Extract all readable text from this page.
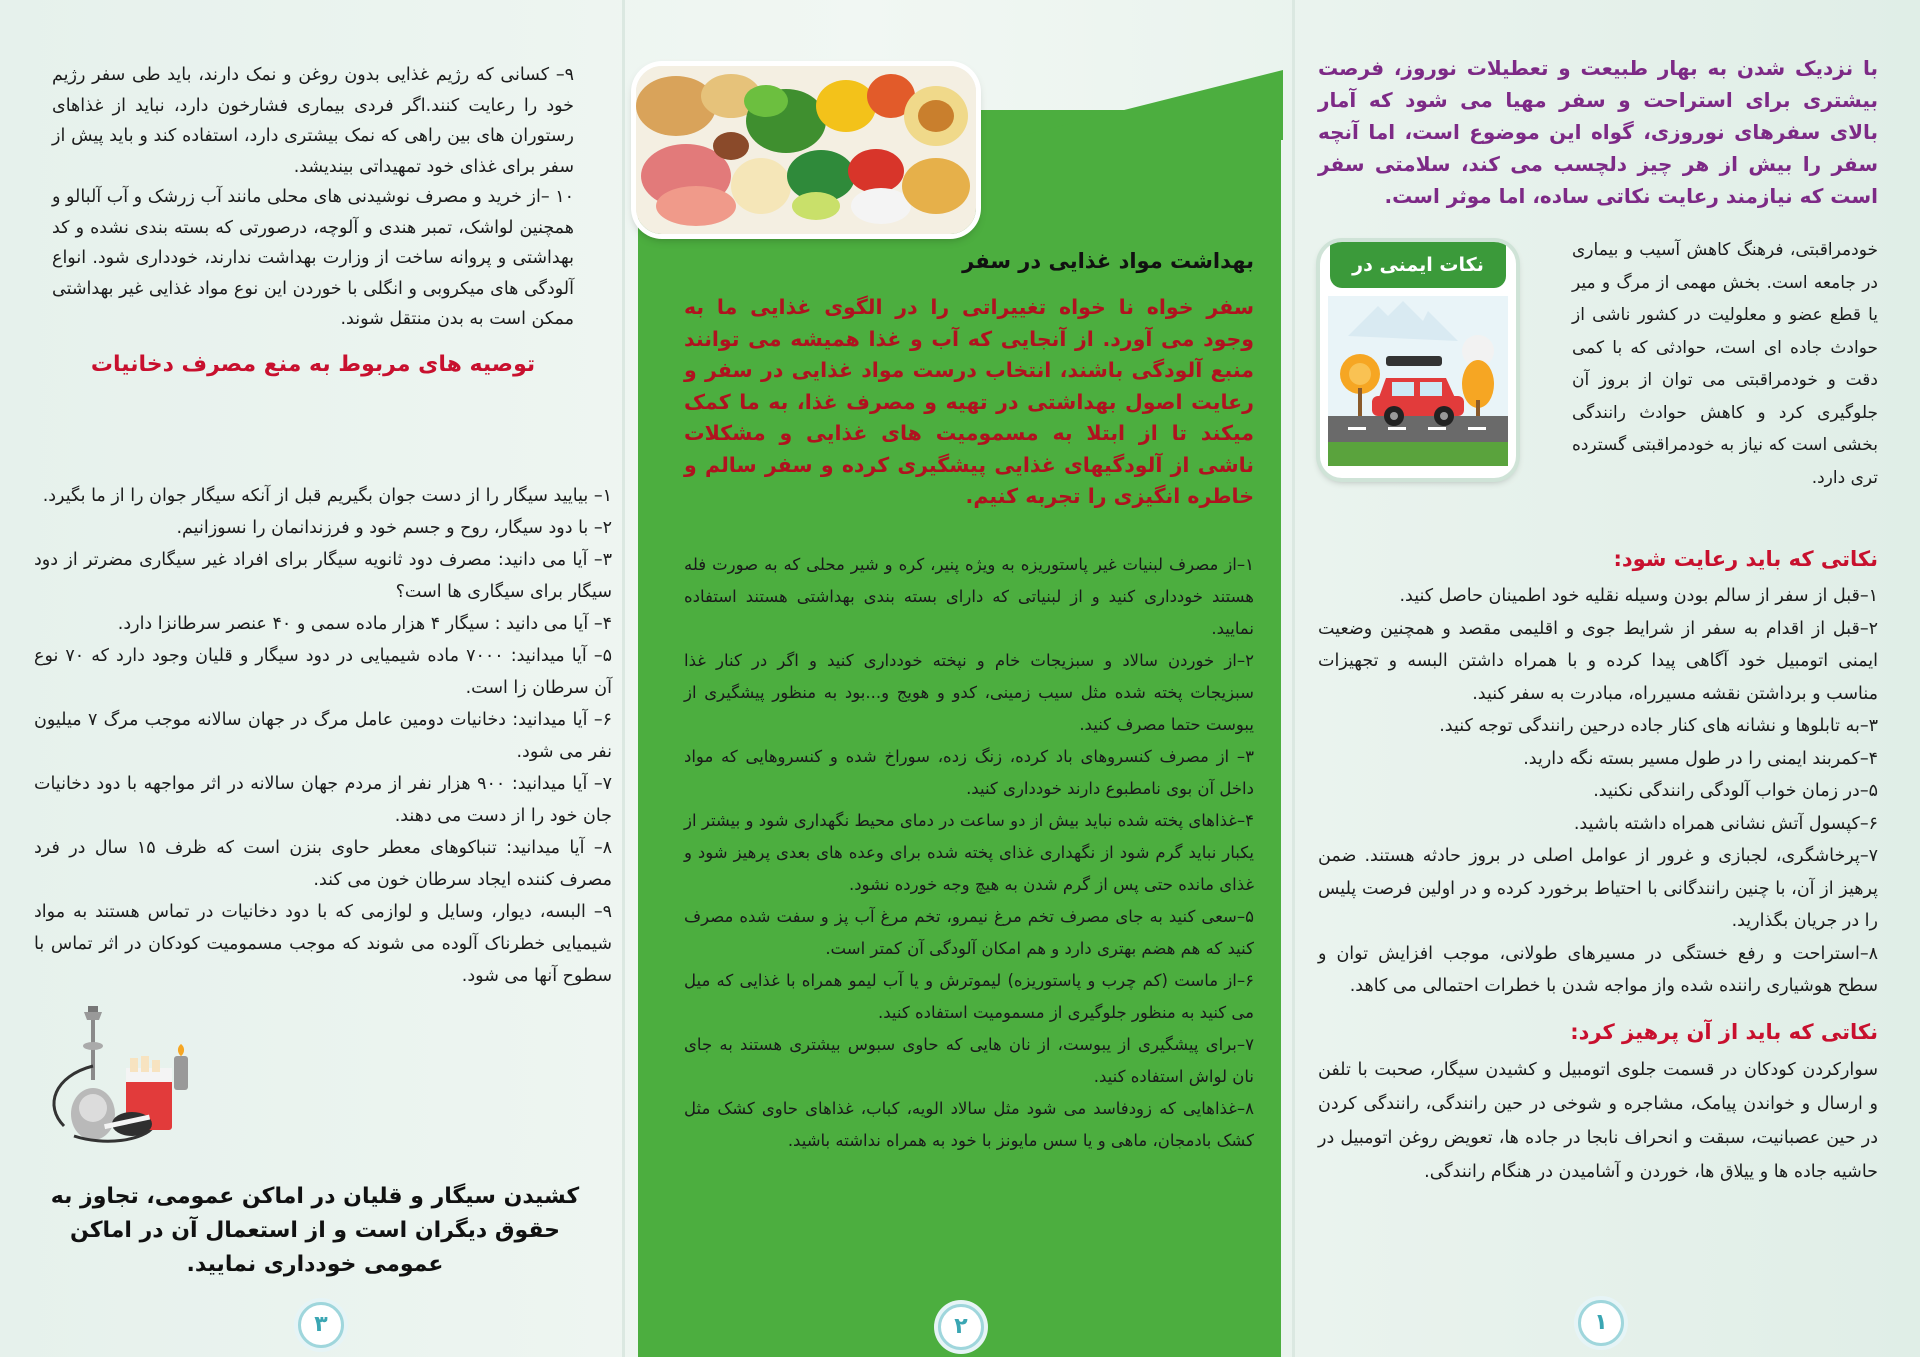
با نزدیک شدن به بهار طبیعت و تعطیلات نوروز، فرصت بیشتری برای استراحت و سفر مهیا می شود که آمار بالای سفرهای نوروزی، گواه این موضوع است، اما آنچه سفر را بیش از هر چیز دلچسب می کند، سلامتی سفر است که نیازمند رعایت نکاتی ساده، اما موثر است.

خودمراقبتی، فرهنگ کاهش آسیب و بیماری در جامعه است. بخش مهمی از مرگ و میر یا قطع عضو و معلولیت در کشور ناشی از حوادث جاده ای است، حوادثی که با کمی دقت و خودمراقبتی می توان از بروز آن جلوگیری کرد و کاهش حوادث رانندگی بخشی است که نیاز به خودمراقبتی گسترده تری دارد.

نکات ایمنی در

نکاتی که باید رعایت شود:

۱–قبل از سفر از سالم بودن وسیله نقلیه خود اطمینان حاصل کنید.

۲–قبل از اقدام به سفر از شرایط جوی و اقلیمی مقصد و همچنین وضعیت ایمنی اتومبیل خود آگاهی پیدا کرده و با همراه داشتن البسه و تجهیزات مناسب و برداشتن نقشه مسیرراه، مبادرت به سفر کنید.

۳–به تابلوها و نشانه های کنار جاده درحین رانندگی توجه کنید.

۴–کمربند ایمنی را در طول مسیر بسته نگه دارید.

۵–در زمان خواب آلودگی رانندگی نکنید.

۶–کپسول آتش نشانی همراه داشته باشید.

۷–پرخاشگری، لجبازی و غرور از عوامل اصلی در بروز حادثه هستند. ضمن پرهیز از آن، با چنین رانندگانی با احتیاط برخورد کرده و در اولین فرصت پلیس را در جریان بگذارید.

۸–استراحت و رفع خستگی در مسیرهای طولانی، موجب افزایش توان و سطح هوشیاری راننده شده واز مواجه شدن با خطرات احتمالی می کاهد.

نکاتی که باید از آن پرهیز کرد:

سوارکردن کودکان در قسمت جلوی اتومبیل و کشیدن سیگار، صحبت با تلفن و ارسال و خواندن پیامک، مشاجره و شوخی در حین رانندگی، رانندگی کردن در حین عصبانیت، سبقت و انحراف نابجا در جاده ها، تعویض روغن اتومبیل در حاشیه جاده ها و ییلاق ها، خوردن و آشامیدن در هنگام رانندگی.

۱

بهداشت مواد غذایی در سفر

سفر خواه نا خواه تغییراتی را در الگوی غذایی ما به وجود می آورد. از آنجایی که آب و غذا همیشه می توانند منبع آلودگی باشند، انتخاب درست مواد غذایی در سفر و رعایت اصول بهداشتی در تهیه و مصرف غذا، به ما کمک میکند تا از ابتلا به مسمومیت های غذایی و مشکلات ناشی از آلودگیهای غذایی پیشگیری کرده و سفر سالم و خاطره انگیزی را تجربه کنیم.

۱–از مصرف لبنیات غیر پاستوریزه به ویژه پنیر، کره و شیر محلی که به صورت فله هستند خودداری کنید و از لبنیاتی که دارای بسته بندی بهداشتی هستند استفاده نمایید.

۲–از خوردن سالاد و سبزیجات خام و نپخته خودداری کنید و اگر در کنار غذا سبزیجات پخته شده مثل سیب زمینی، کدو و هویج و...بود به منظور پیشگیری از یبوست حتما مصرف کنید.

۳– از مصرف کنسروهای باد کرده، زنگ زده، سوراخ شده و کنسروهایی که مواد داخل آن بوی نامطبوع دارند خودداری کنید.

۴–غذاهای پخته شده نباید بیش از دو ساعت در دمای محیط نگهداری شود و بیشتر از یکبار نباید گرم شود از نگهداری غذای پخته شده برای وعده های بعدی پرهیز شود و غذای مانده حتی پس از گرم شدن به هیچ وجه خورده نشود.

۵–سعی کنید به جای مصرف تخم مرغ نیمرو، تخم مرغ آب پز و سفت شده مصرف کنید که هم هضم بهتری دارد و هم امکان آلودگی آن کمتر است.

۶–از ماست (کم چرب و پاستوریزه) لیموترش و یا آب لیمو همراه با غذایی که میل می کنید به منظور جلوگیری از مسمومیت استفاده کنید.

۷–برای پیشگیری از یبوست، از نان هایی که حاوی سبوس بیشتری هستند به جای نان لواش استفاده کنید.

۸–غذاهایی که زودفاسد می شود مثل سالاد الویه، کباب، غذاهای حاوی کشک مثل کشک بادمجان، ماهی و یا سس مایونز با خود به همراه نداشته باشید.

۲

۹– کسانی که رژیم غذایی بدون روغن و نمک دارند، باید طی سفر رژیم خود را رعایت کنند.اگر فردی بیماری فشارخون دارد، نباید از غذاهای رستوران های بین راهی که نمک بیشتری دارد، استفاده کند و باید پیش از سفر برای غذای خود تمهیداتی بیندیشد.

۱۰ –از خرید و مصرف نوشیدنی های محلی مانند آب زرشک و آب آلبالو و همچنین لواشک، تمبر هندی و آلوچه، درصورتی که بسته بندی نشده و کد بهداشتی و پروانه ساخت از وزارت بهداشت ندارند، خودداری شود. انواع آلودگی های میکروبی و انگلی با خوردن این نوع مواد غذایی غیر بهداشتی ممکن است به بدن منتقل شوند.

توصیه های مربوط به منع مصرف دخانیات

۱– بیایید سیگار را از دست جوان بگیریم قبل از آنکه سیگار جوان را از ما بگیرد.

۲– با دود سیگار، روح و جسم خود و فرزندانمان را نسوزانیم.

۳– آیا می دانید: مصرف دود ثانویه سیگار برای افراد غیر سیگاری مضرتر از دود سیگار برای سیگاری ها است؟

۴– آیا می دانید : سیگار ۴ هزار ماده سمی و ۴۰ عنصر سرطانزا دارد.

۵– آیا میدانید: ۷۰۰۰ ماده شیمیایی در دود سیگار و قلیان وجود دارد که ۷۰ نوع آن سرطان زا است.

۶– آیا میدانید: دخانیات دومین عامل مرگ در جهان سالانه موجب مرگ ۷ میلیون نفر می شود.

۷– آیا میدانید: ۹۰۰ هزار نفر از مردم جهان سالانه در اثر مواجهه با دود دخانیات جان خود را از دست می دهند.

۸– آیا میدانید: تنباکوهای معطر حاوی بنزن است که ظرف ۱۵ سال در فرد مصرف کننده ایجاد سرطان خون می کند.

۹– البسه، دیوار، وسایل و لوازمی که با دود دخانیات در تماس هستند به مواد شیمیایی خطرناک آلوده می شوند که موجب مسمومیت کودکان در اثر تماس با سطوح آنها می شود.

کشیدن سیگار و قلیان در اماکن عمومی، تجاوز به حقوق دیگران است و از استعمال آن در اماکن عمومی خودداری نمایید.

۳
